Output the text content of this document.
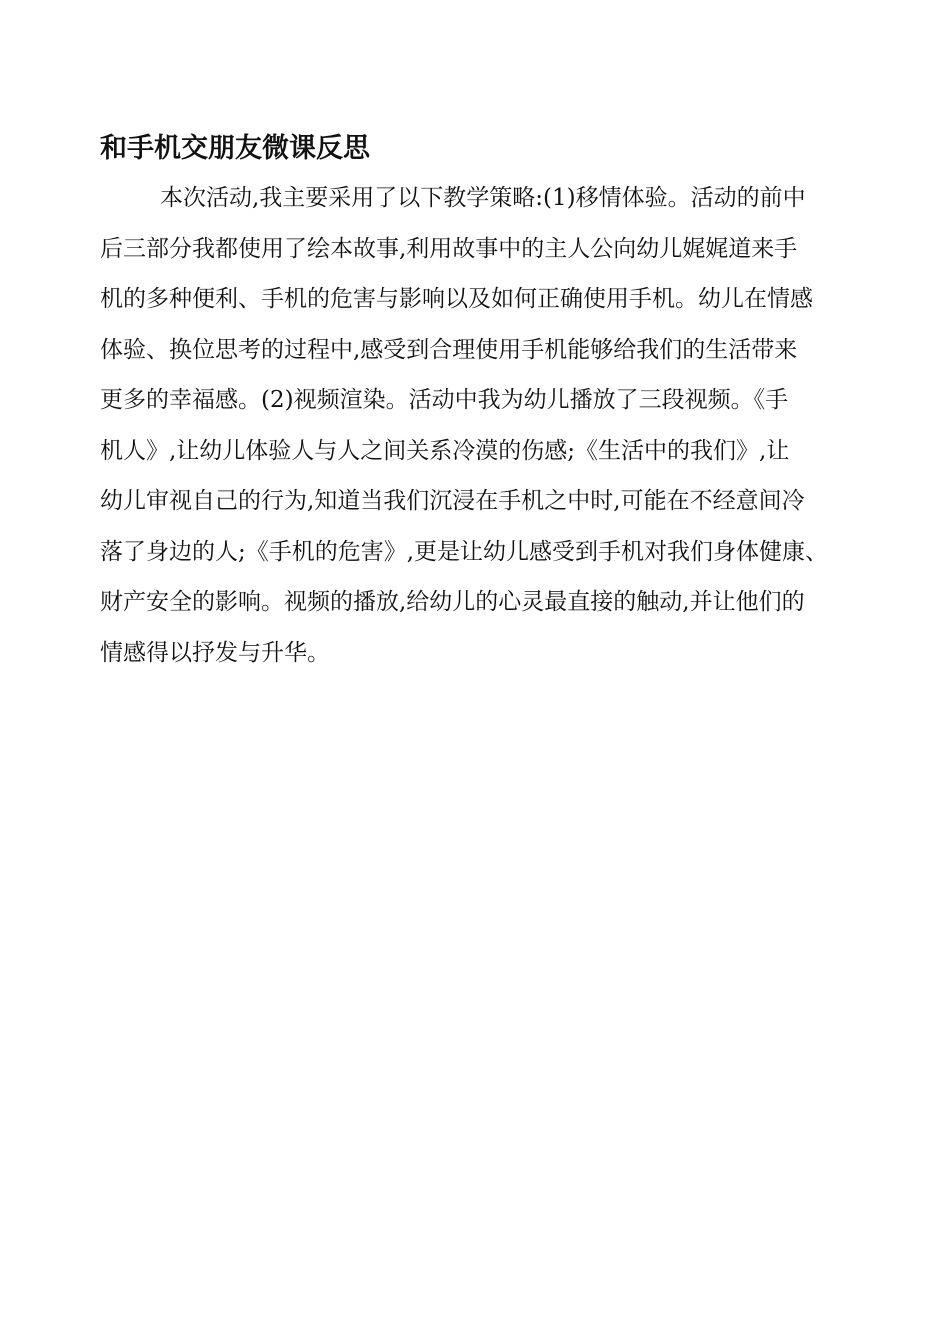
和手机交朋友微课反思
本次活动,我主要采用了以下教学策略:(1)移情体验。活动的前中
后三部分我都使用了绘本故事,利用故事中的主人公向幼儿娓娓道来手
机的多种便利、手机的危害与影响以及如何正确使用手机。幼儿在情感
体验、换位思考的过程中,感受到合理使用手机能够给我们的生活带来
更多的幸福感。(2)视频渲染。活动中我为幼儿播放了三段视频。《手
机人》,让幼儿体验人与人之间关系冷漠的伤感;《生活中的我们》,让
幼儿审视自己的行为,知道当我们沉浸在手机之中时,可能在不经意间冷
落了身边的人;《手机的危害》,更是让幼儿感受到手机对我们身体健康、
财产安全的影响。视频的播放,给幼儿的心灵最直接的触动,并让他们的
情感得以抒发与升华。
